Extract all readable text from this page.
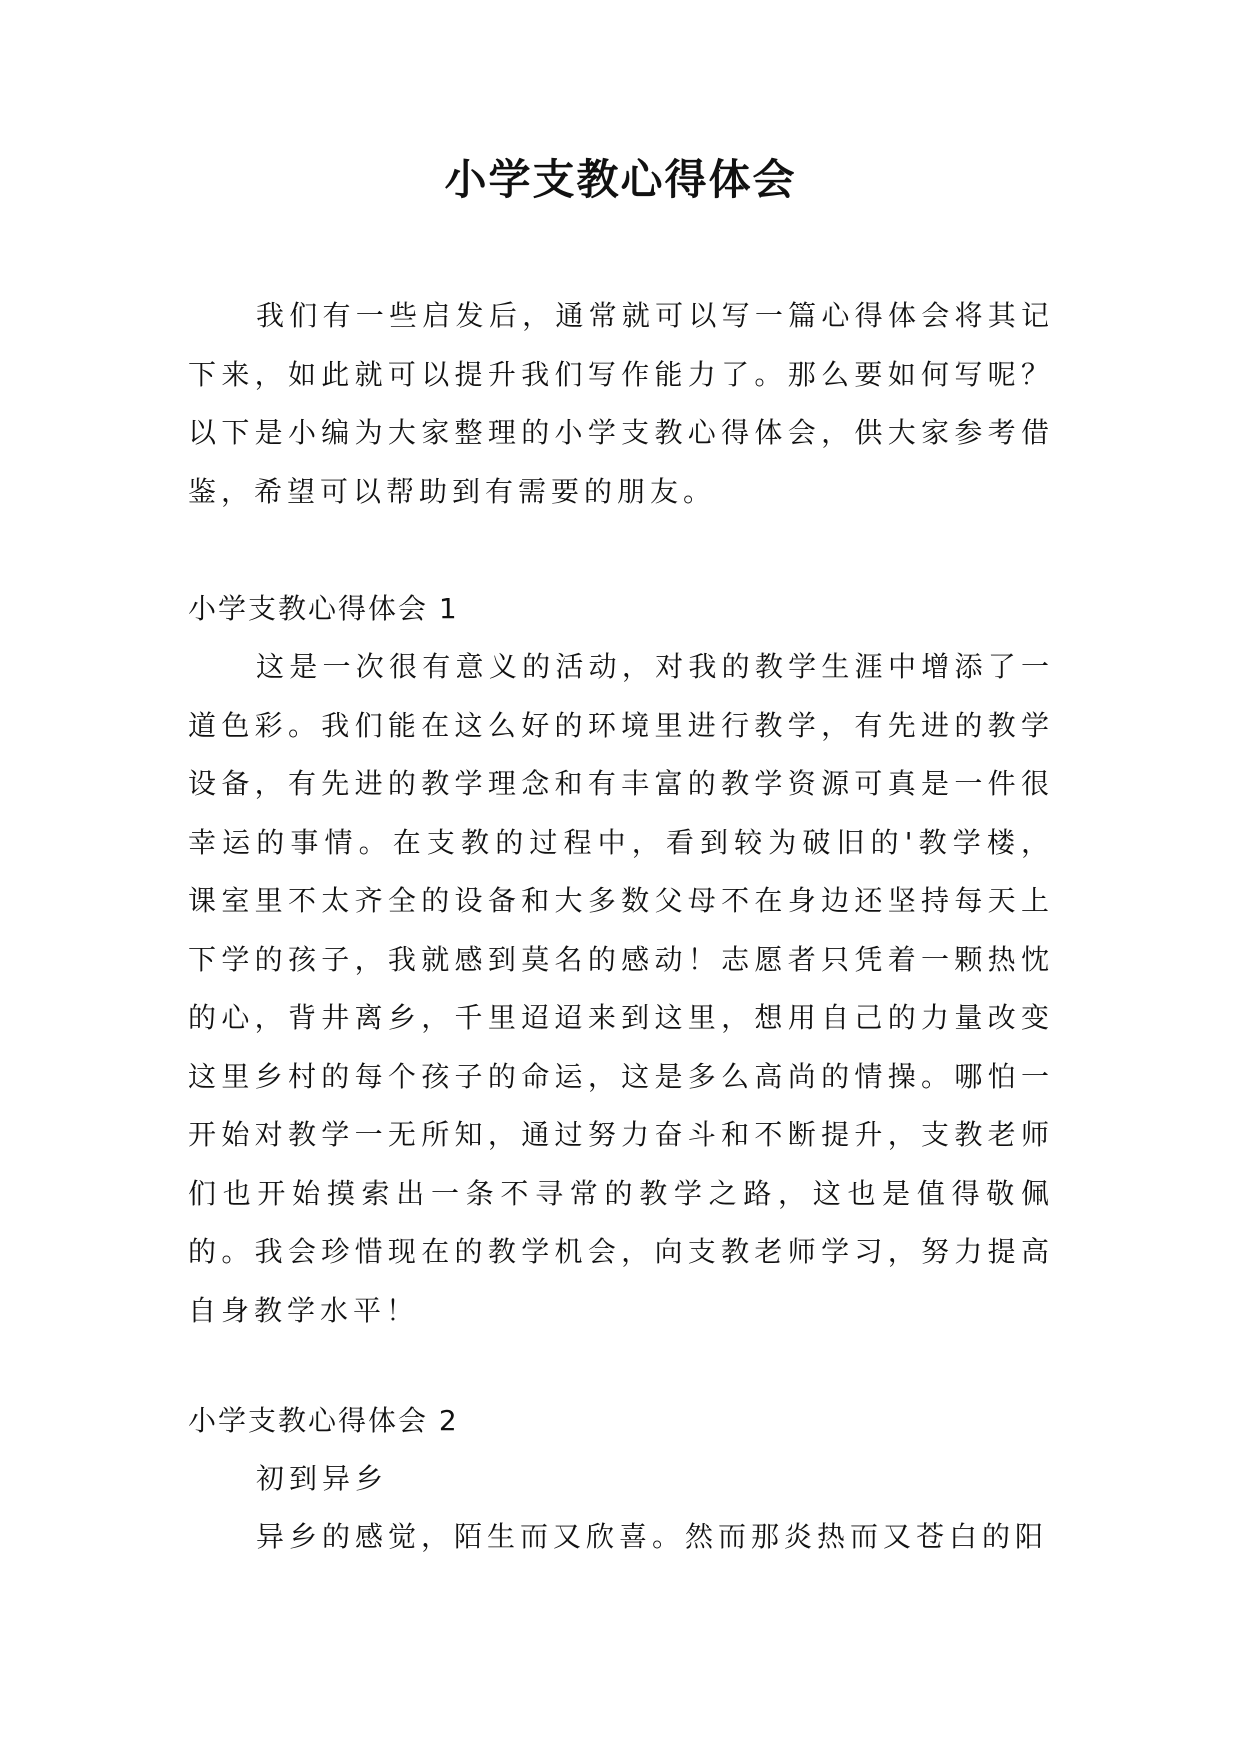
小学支教心得体会

我们有一些启发后，通常就可以写一篇心得体会将其记下来，如此就可以提升我们写作能力了。那么要如何写呢？以下是小编为大家整理的小学支教心得体会，供大家参考借鉴，希望可以帮助到有需要的朋友。

小学支教心得体会 1

这是一次很有意义的活动，对我的教学生涯中增添了一道色彩。我们能在这么好的环境里进行教学，有先进的教学设备，有先进的教学理念和有丰富的教学资源可真是一件很幸运的事情。在支教的过程中，看到较为破旧的'教学楼，课室里不太齐全的设备和大多数父母不在身边还坚持每天上下学的孩子，我就感到莫名的感动！志愿者只凭着一颗热忱的心，背井离乡，千里迢迢来到这里，想用自己的力量改变这里乡村的每个孩子的命运，这是多么高尚的情操。哪怕一开始对教学一无所知，通过努力奋斗和不断提升，支教老师们也开始摸索出一条不寻常的教学之路，这也是值得敬佩的。我会珍惜现在的教学机会，向支教老师学习，努力提高自身教学水平！

小学支教心得体会 2

初到异乡

异乡的感觉，陌生而又欣喜。然而那炎热而又苍白的阳
